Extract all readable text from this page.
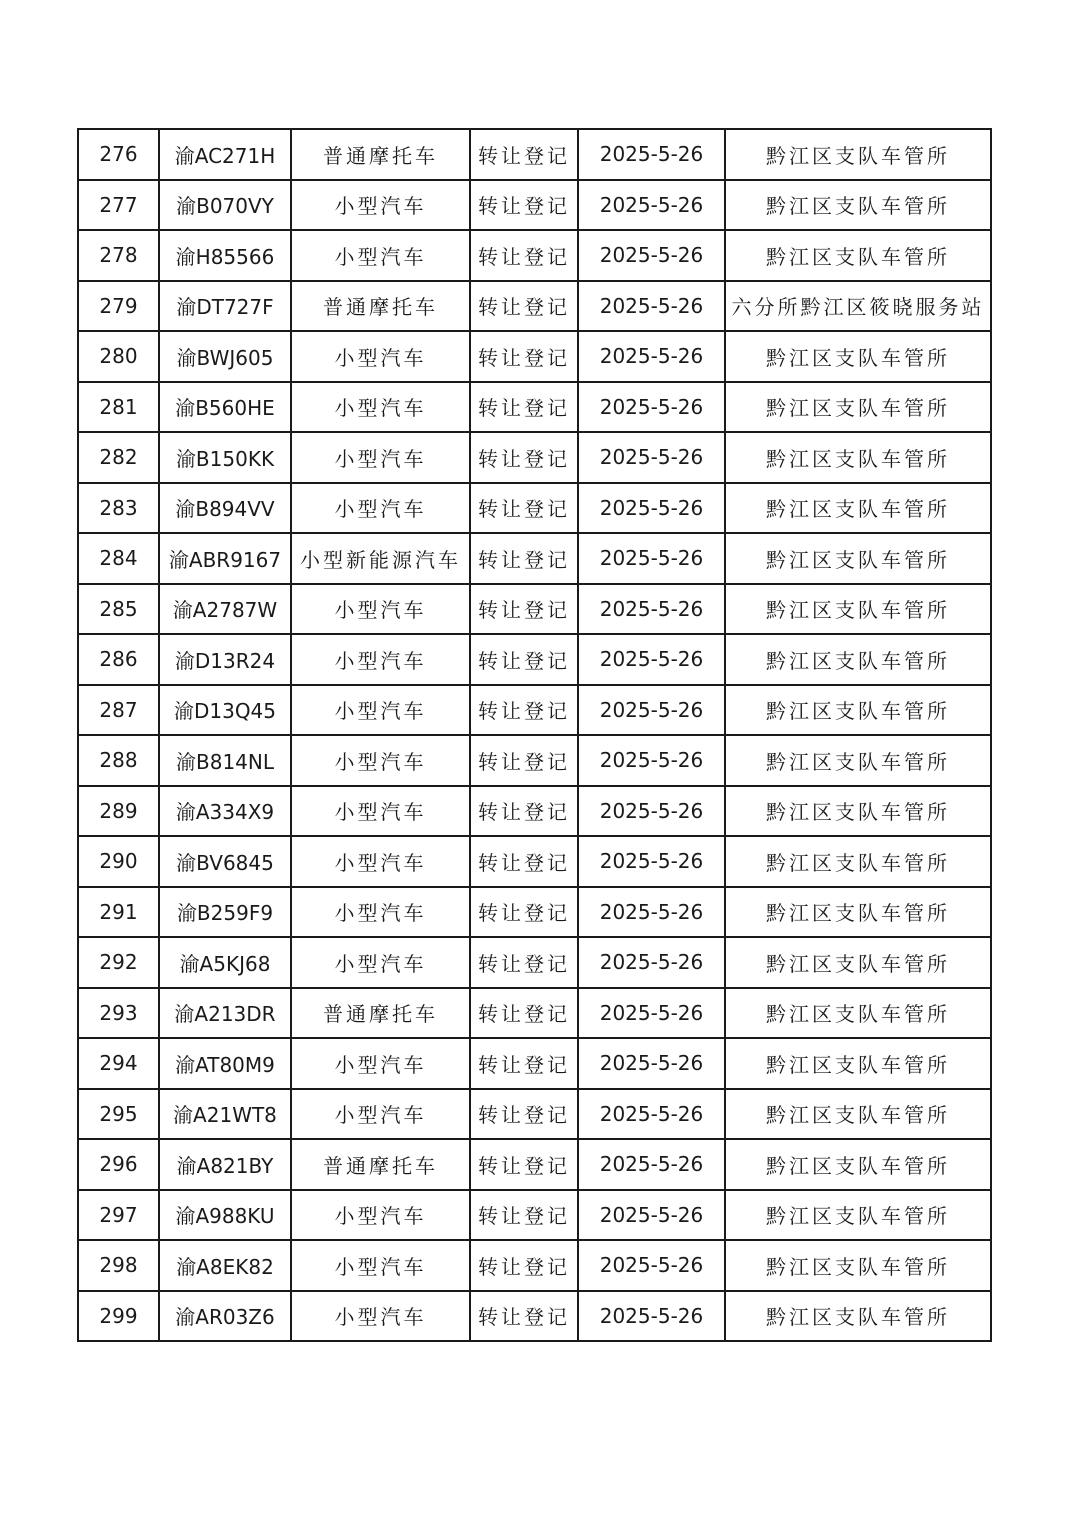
276	渝AC271H	普通摩托车	转让登记	2025-5-26	黔江区支队车管所
277	渝B070VY	小型汽车	转让登记	2025-5-26	黔江区支队车管所
278	渝H85566	小型汽车	转让登记	2025-5-26	黔江区支队车管所
279	渝DT727F	普通摩托车	转让登记	2025-5-26	六分所黔江区筱晓服务站
280	渝BWJ605	小型汽车	转让登记	2025-5-26	黔江区支队车管所
281	渝B560HE	小型汽车	转让登记	2025-5-26	黔江区支队车管所
282	渝B150KK	小型汽车	转让登记	2025-5-26	黔江区支队车管所
283	渝B894VV	小型汽车	转让登记	2025-5-26	黔江区支队车管所
284	渝ABR9167	小型新能源汽车	转让登记	2025-5-26	黔江区支队车管所
285	渝A2787W	小型汽车	转让登记	2025-5-26	黔江区支队车管所
286	渝D13R24	小型汽车	转让登记	2025-5-26	黔江区支队车管所
287	渝D13Q45	小型汽车	转让登记	2025-5-26	黔江区支队车管所
288	渝B814NL	小型汽车	转让登记	2025-5-26	黔江区支队车管所
289	渝A334X9	小型汽车	转让登记	2025-5-26	黔江区支队车管所
290	渝BV6845	小型汽车	转让登记	2025-5-26	黔江区支队车管所
291	渝B259F9	小型汽车	转让登记	2025-5-26	黔江区支队车管所
292	渝A5KJ68	小型汽车	转让登记	2025-5-26	黔江区支队车管所
293	渝A213DR	普通摩托车	转让登记	2025-5-26	黔江区支队车管所
294	渝AT80M9	小型汽车	转让登记	2025-5-26	黔江区支队车管所
295	渝A21WT8	小型汽车	转让登记	2025-5-26	黔江区支队车管所
296	渝A821BY	普通摩托车	转让登记	2025-5-26	黔江区支队车管所
297	渝A988KU	小型汽车	转让登记	2025-5-26	黔江区支队车管所
298	渝A8EK82	小型汽车	转让登记	2025-5-26	黔江区支队车管所
299	渝AR03Z6	小型汽车	转让登记	2025-5-26	黔江区支队车管所
